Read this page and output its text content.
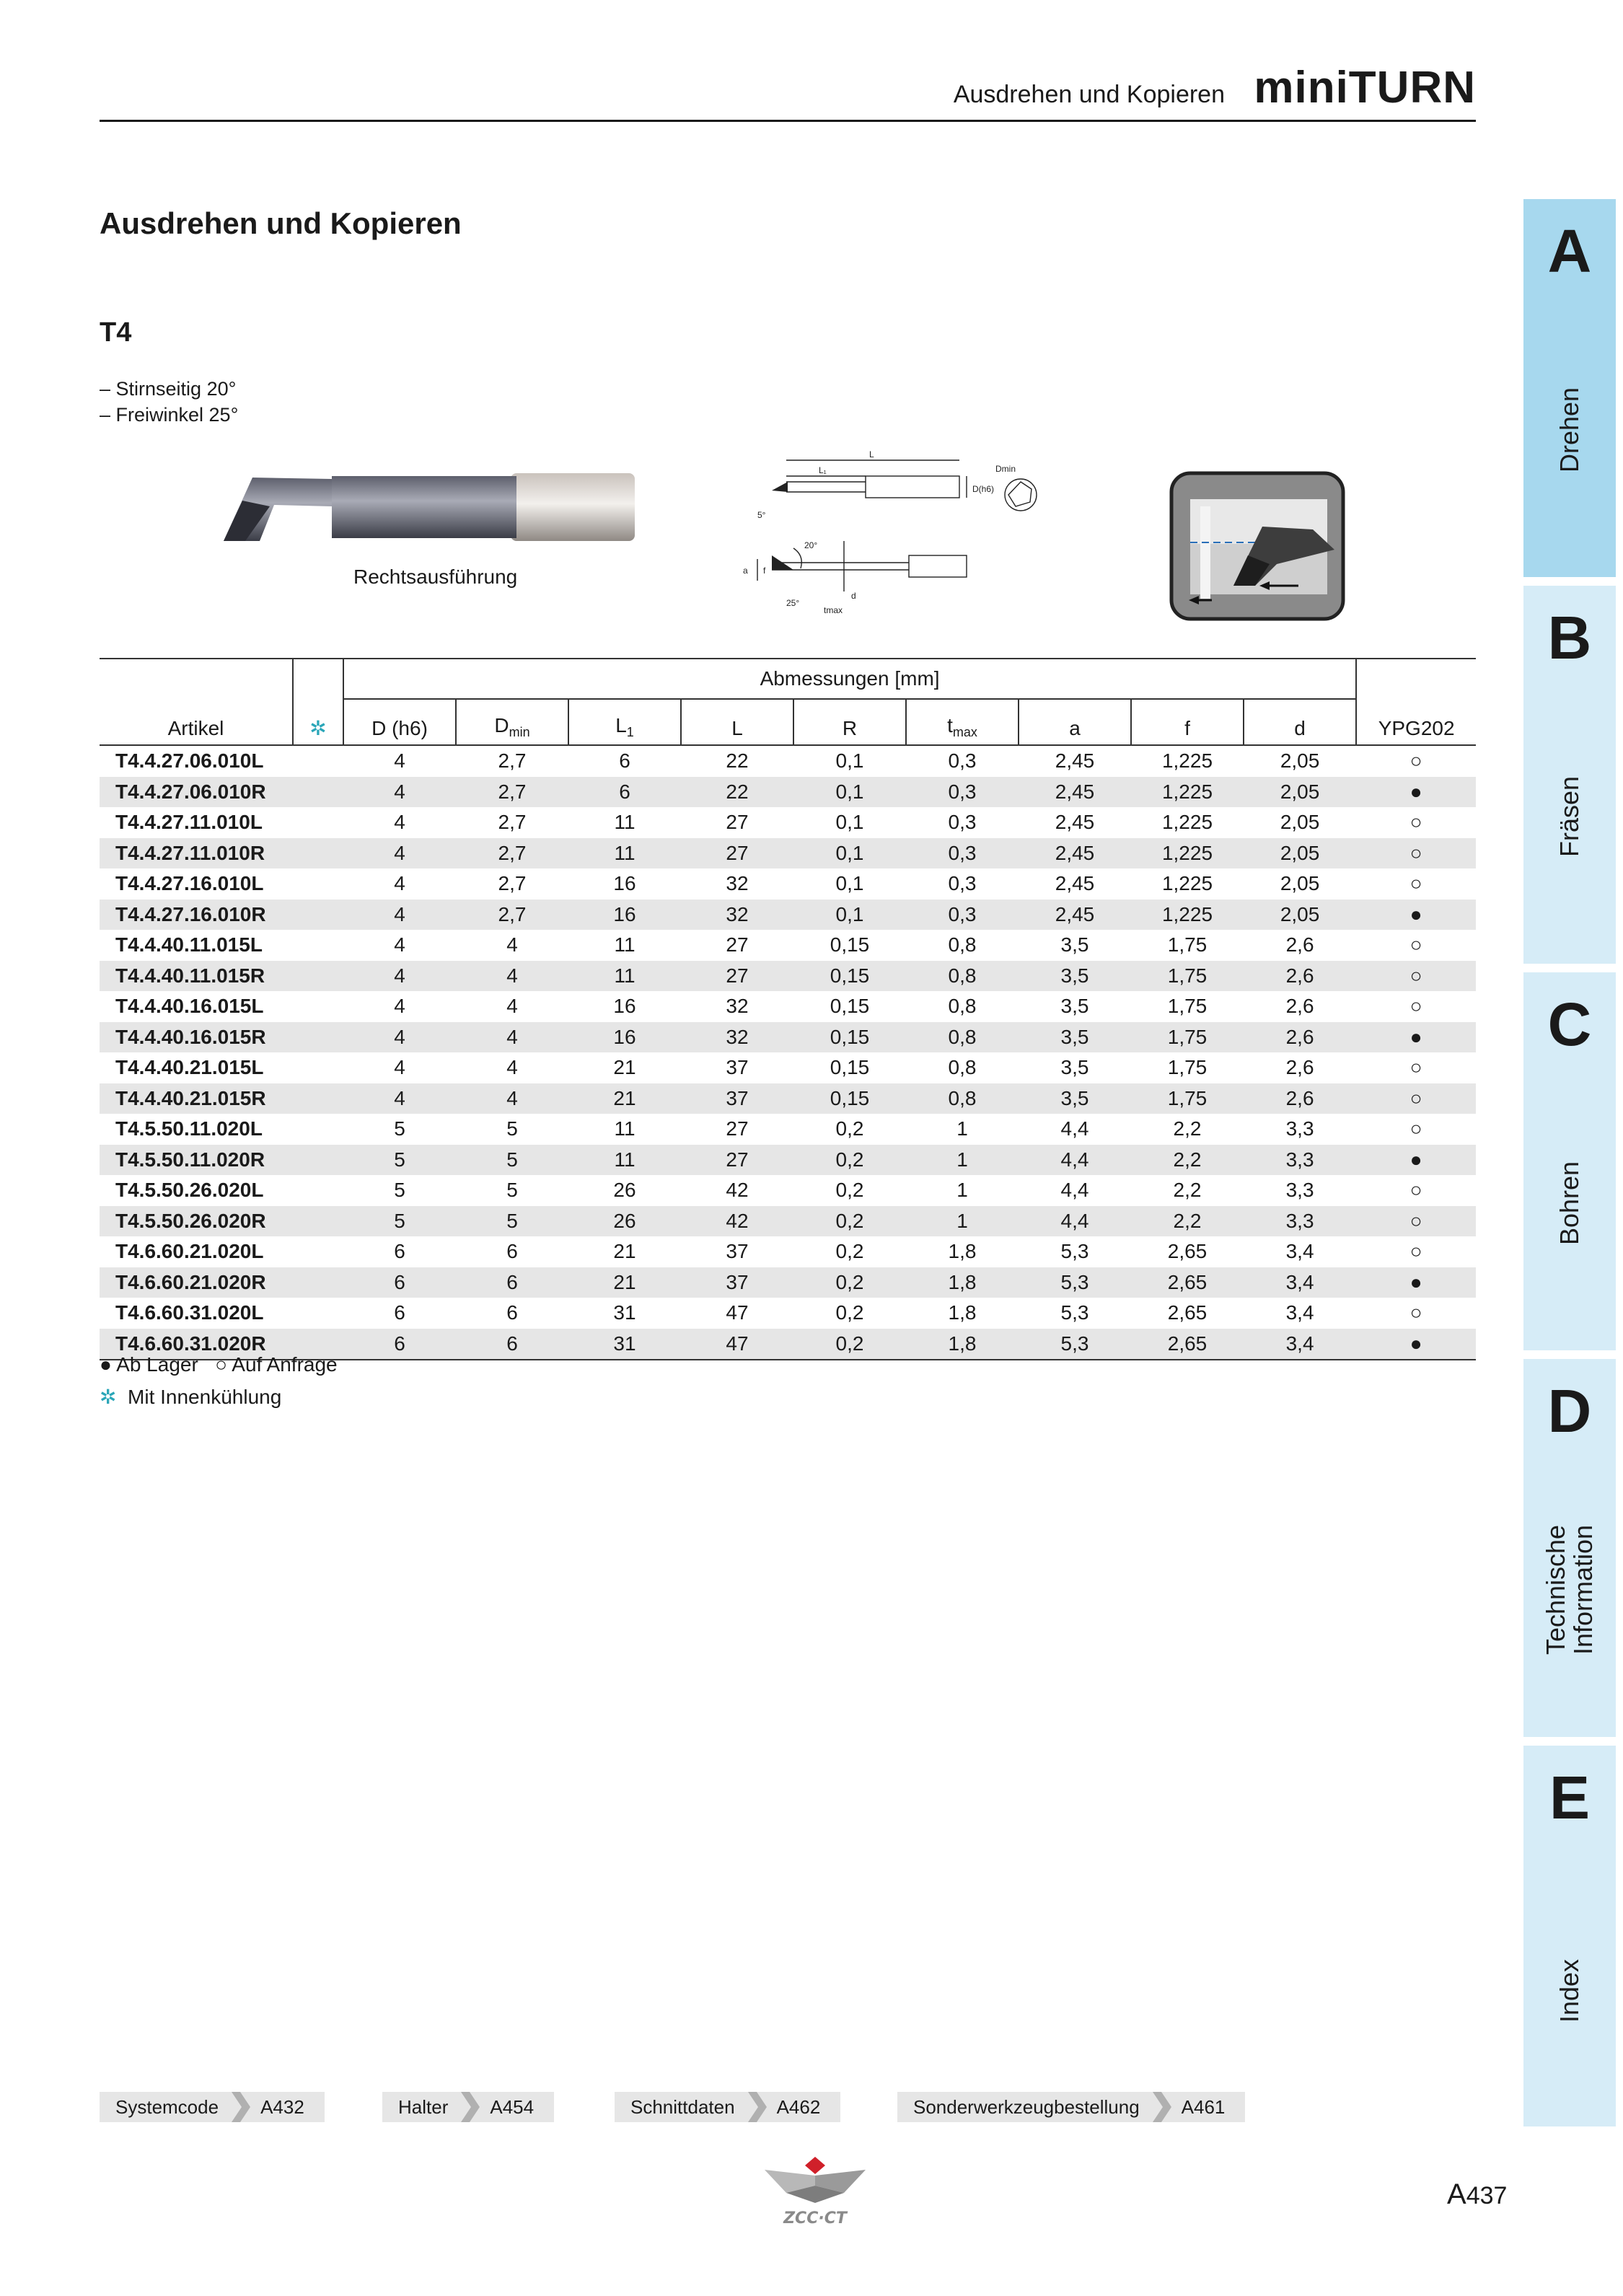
Ausdrehen und Kopieren miniTURN
Ausdrehen und Kopieren
T4
– Stirnseitig 20°
– Freiwinkel 25°
Rechtsausführung
L
L₁	Dmin
20°
5°
a f
d
25°
tmax
D(h6)
Artikel	✲	Abmessungen [mm]									YPG202
		D (h6)	$D_{min}$	$L_1$	L	R	$t_{max}$	a	f	d	
T4.4.27.06.010L		4	2,7	6	22	0,1	0,3	2,45	1,225	2,05	○
T4.4.27.06.010R		4	2,7	6	22	0,1	0,3	2,45	1,225	2,05	●
T4.4.27.11.010L		4	2,7	11	27	0,1	0,3	2,45	1,225	2,05	○
T4.4.27.11.010R		4	2,7	11	27	0,1	0,3	2,45	1,225	2,05	○
T4.4.27.16.010L		4	2,7	16	32	0,1	0,3	2,45	1,225	2,05	○
T4.4.27.16.010R		4	2,7	16	32	0,1	0,3	2,45	1,225	2,05	●
T4.4.40.11.015L		4	4	11	27	0,15	0,8	3,5	1,75	2,6	○
T4.4.40.11.015R		4	4	11	27	0,15	0,8	3,5	1,75	2,6	○
T4.4.40.16.015L		4	4	16	32	0,15	0,8	3,5	1,75	2,6	○
T4.4.40.16.015R		4	4	16	32	0,15	0,8	3,5	1,75	2,6	●
T4.4.40.21.015L		4	4	21	37	0,15	0,8	3,5	1,75	2,6	○
T4.4.40.21.015R		4	4	21	37	0,15	0,8	3,5	1,75	2,6	○
T4.5.50.11.020L		5	5	11	27	0,2	1	4,4	2,2	3,3	○
T4.5.50.11.020R		5	5	11	27	0,2	1	4,4	2,2	3,3	●
T4.5.50.26.020L		5	5	26	42	0,2	1	4,4	2,2	3,3	○
T4.5.50.26.020R		5	5	26	42	0,2	1	4,4	2,2	3,3	○
T4.6.60.21.020L		6	6	21	37	0,2	1,8	5,3	2,65	3,4	○
T4.6.60.21.020R		6	6	21	37	0,2	1,8	5,3	2,65	3,4	●
T4.6.60.31.020L		6	6	31	47	0,2	1,8	5,3	2,65	3,4	○
T4.6.60.31.020R		6	6	31	47	0,2	1,8	5,3	2,65	3,4	●
● Ab Lager ○ Auf Anfrage
✲ Mit Innenkühlung
A
Drehen
B
Fräsen
C
Bohren
D
Technische
Information
E
Index
Systemcode	A432	Halter	A454	Schnittdaten	A462	Sonderwerkzeugbestellung	A461
ZCC·CT
A437
